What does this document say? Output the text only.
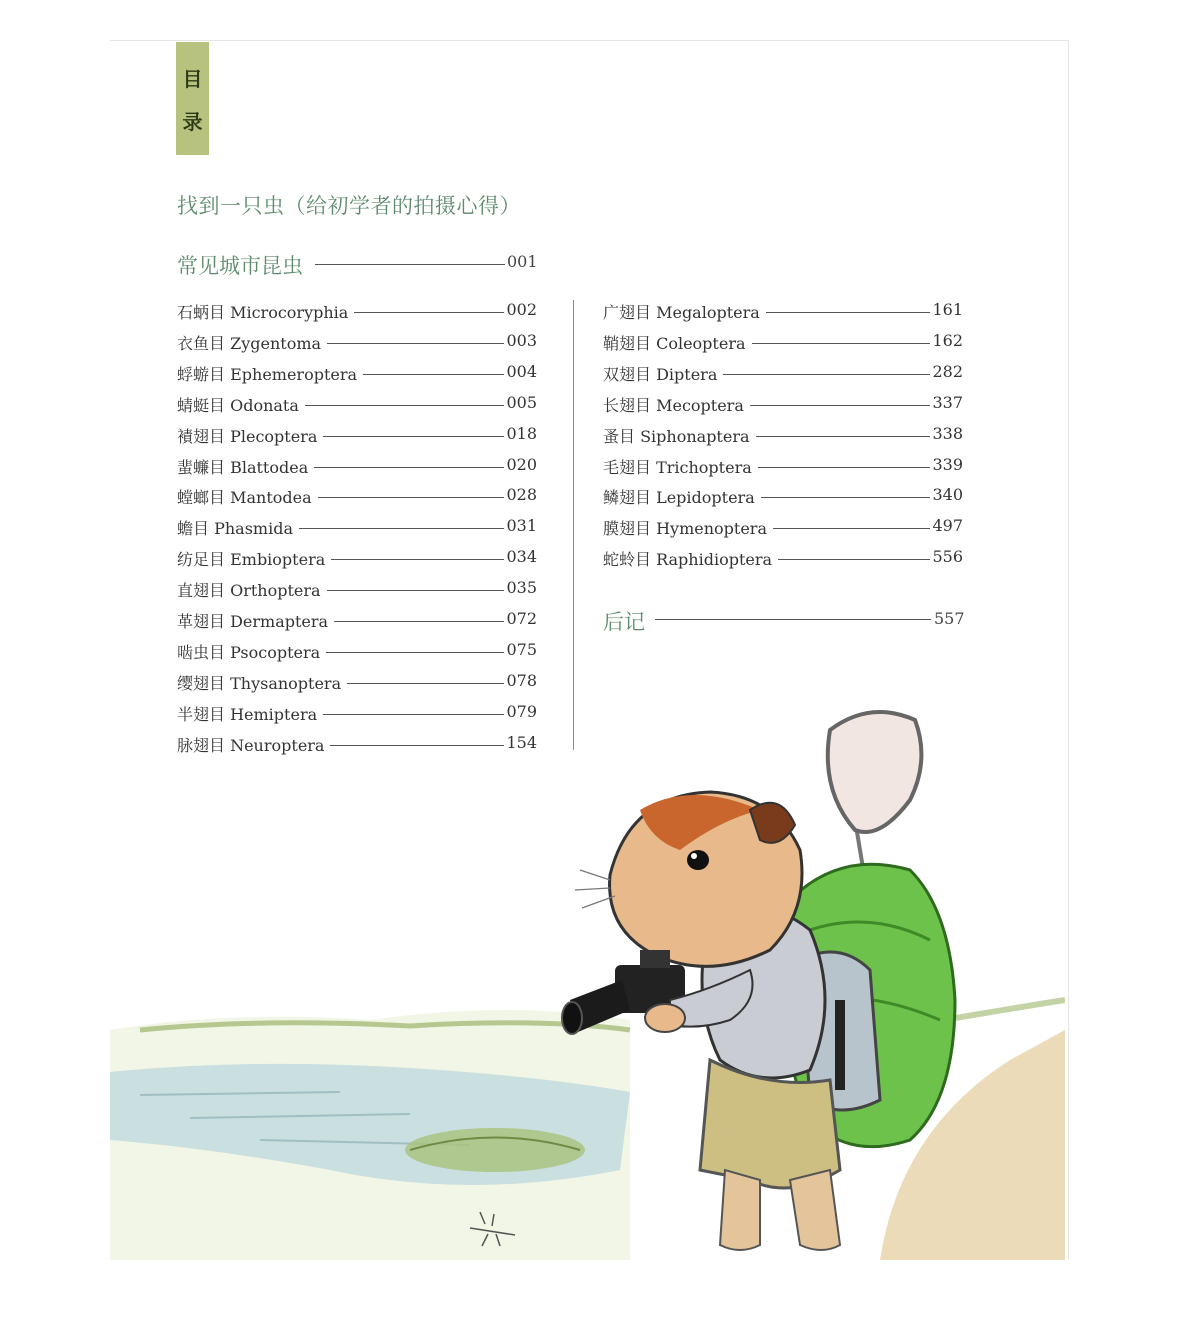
目
录
找到一只虫（给初学者的拍摄心得）
常见城市昆虫	001
石蛃目 Microcoryphia	002
衣鱼目 Zygentoma	003
蜉蝣目 Ephemeroptera	004
蜻蜓目 Odonata	005
襀翅目 Plecoptera	018
蜚蠊目 Blattodea	020
螳螂目 Mantodea	028
蟾目 Phasmida	031
纺足目 Embioptera	034
直翅目 Orthoptera	035
革翅目 Dermaptera	072
啮虫目 Psocoptera	075
缨翅目 Thysanoptera	078
半翅目 Hemiptera	079
脉翅目 Neuroptera	154
广翅目 Megaloptera	161
鞘翅目 Coleoptera	162
双翅目 Diptera	282
长翅目 Mecoptera	337
蚤目 Siphonaptera	338
毛翅目 Trichoptera	339
鳞翅目 Lepidoptera	340
膜翅目 Hymenoptera	497
蛇蛉目 Raphidioptera	556
后记	557
